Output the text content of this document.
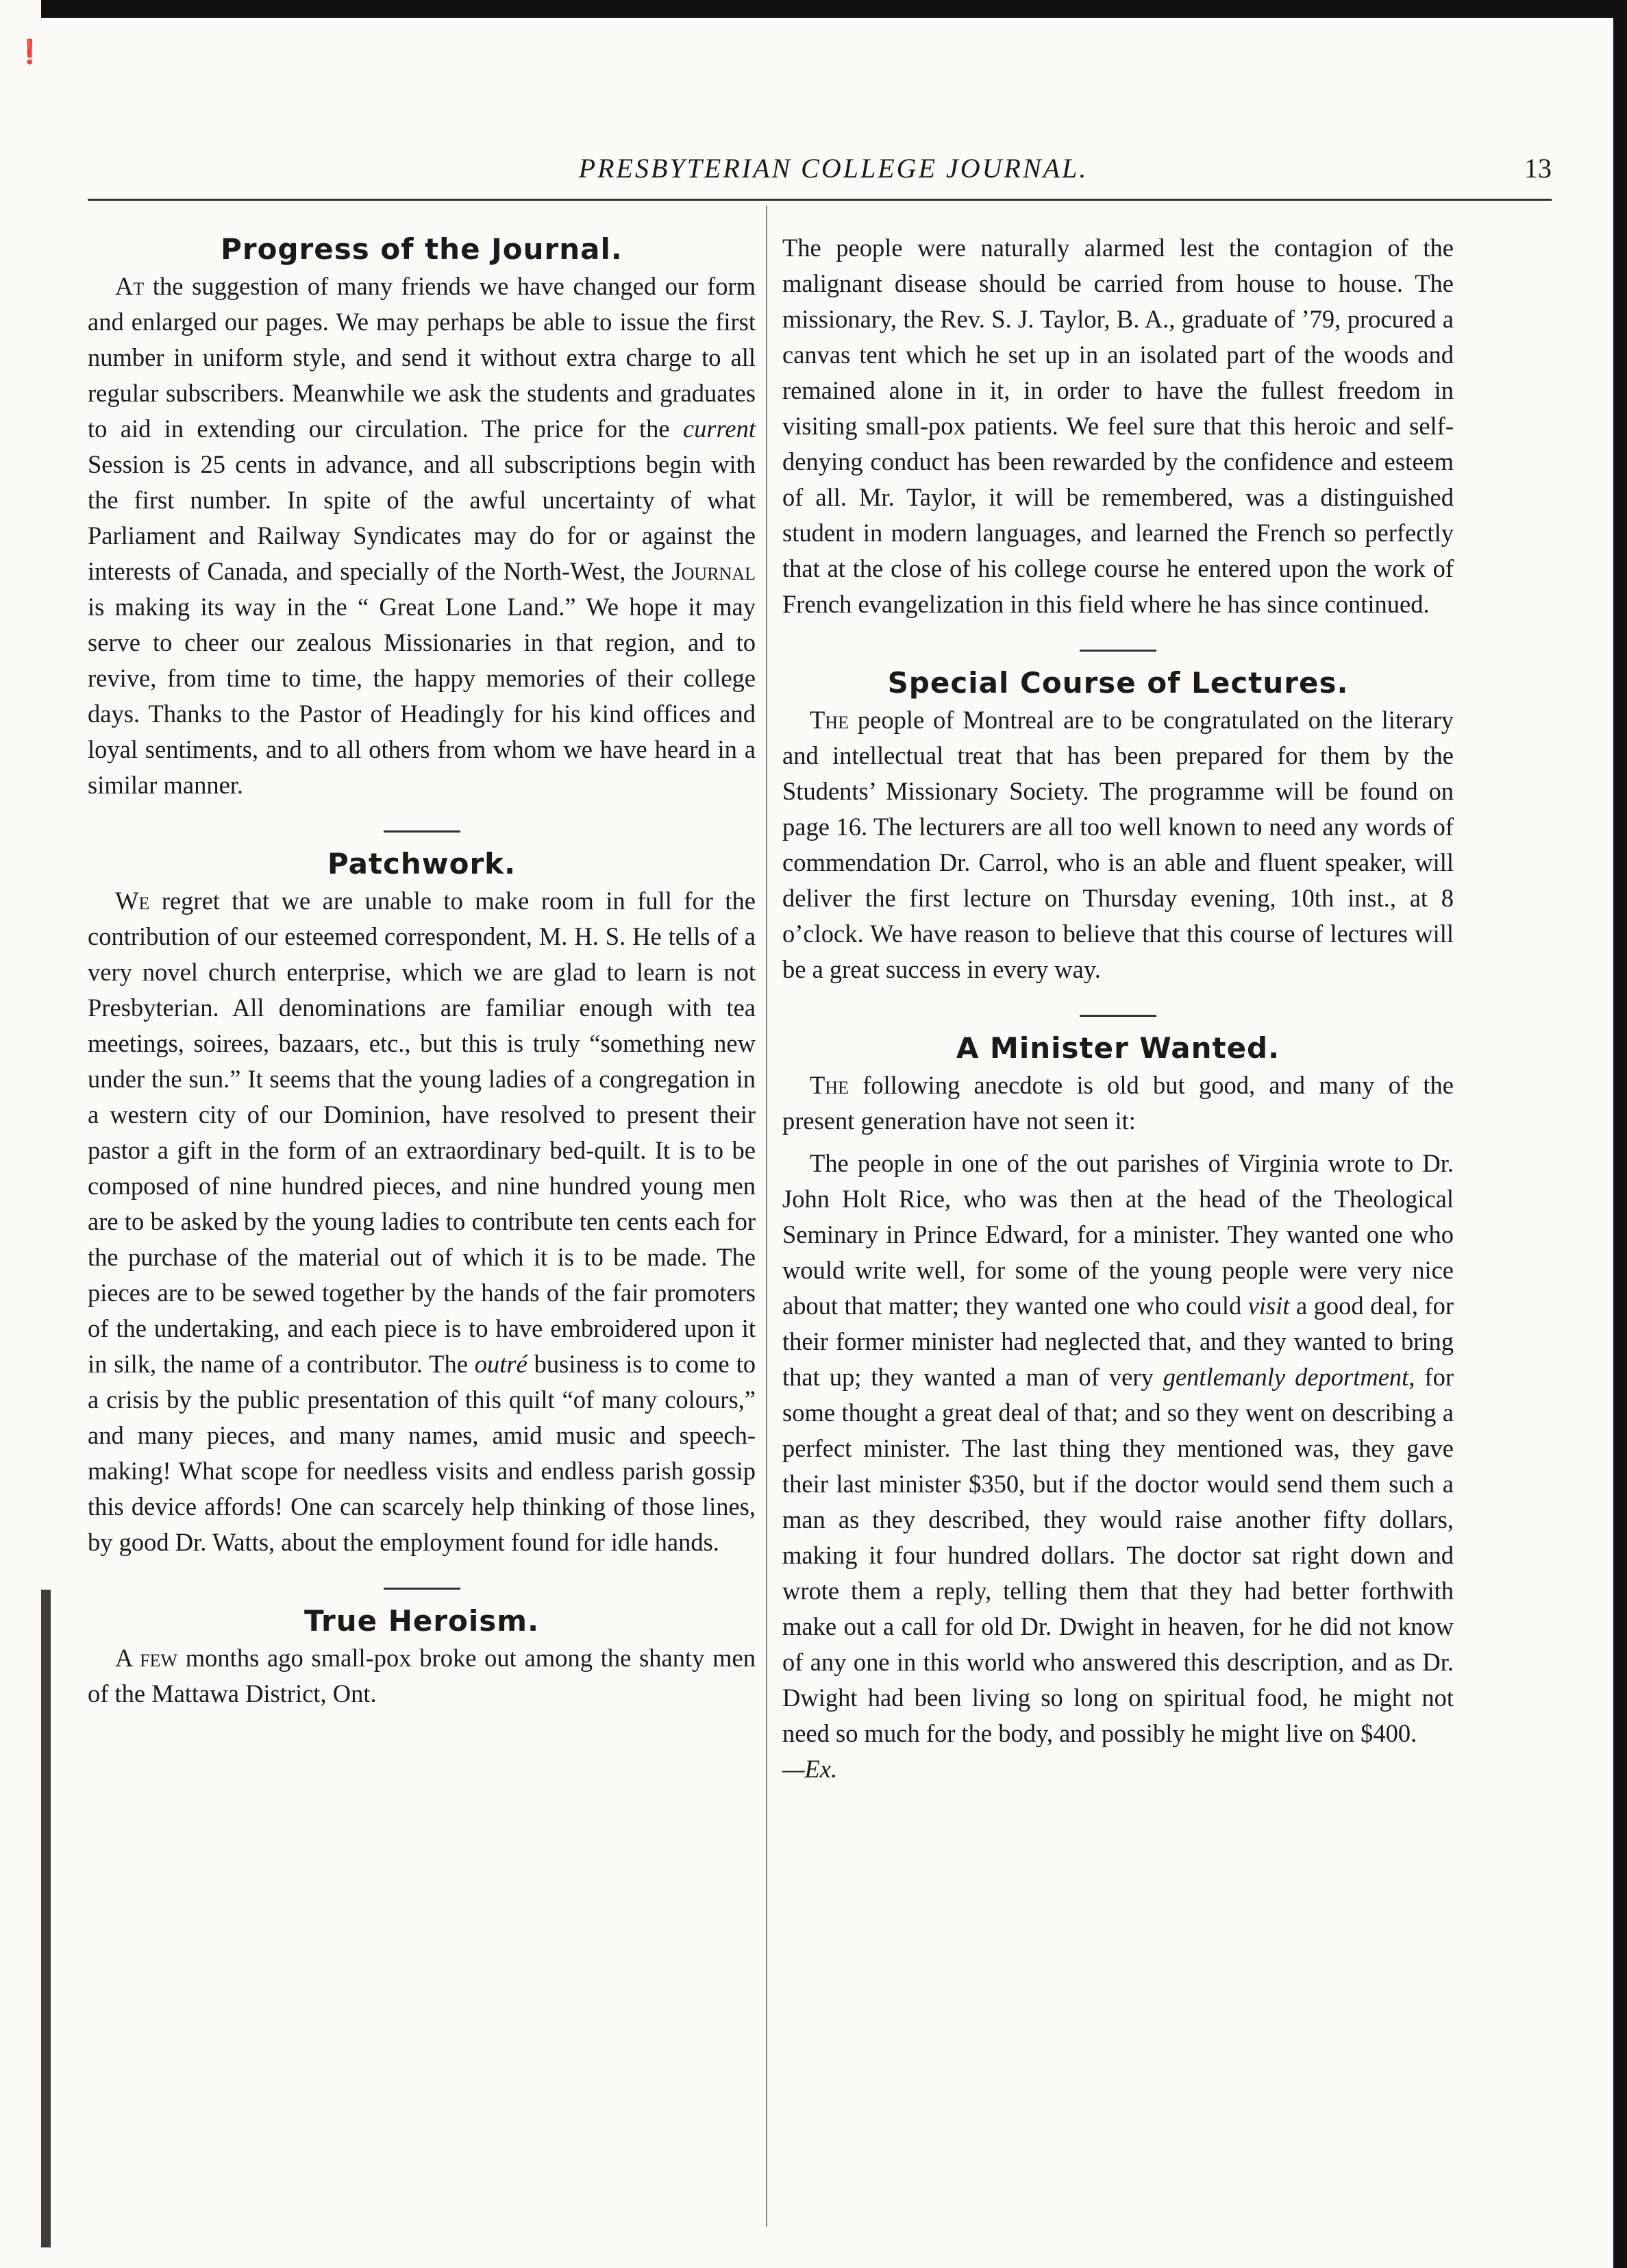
❗
PRESBYTERIAN COLLEGE JOURNAL.	13
Progress of the Journal.

At the suggestion of many friends we have changed our form and enlarged our pages. We may perhaps be able to issue the first number in uniform style, and send it without extra charge to all regular subscribers. Meanwhile we ask the students and graduates to aid in extending our circulation. The price for the current Session is 25 cents in advance, and all subscriptions begin with the first number. In spite of the awful uncertainty of what Parliament and Railway Syndicates may do for or against the interests of Canada, and specially of the North-West, the Journal is making its way in the “ Great Lone Land.” We hope it may serve to cheer our zealous Missionaries in that region, and to revive, from time to time, the happy memories of their college days. Thanks to the Pastor of Headingly for his kind offices and loyal sentiments, and to all others from whom we have heard in a similar manner.

Patchwork.

We regret that we are unable to make room in full for the contribution of our esteemed correspondent, M. H. S. He tells of a very novel church enterprise, which we are glad to learn is not Presbyterian. All denominations are familiar enough with tea meetings, soirees, bazaars, etc., but this is truly “something new under the sun.” It seems that the young ladies of a congregation in a western city of our Dominion, have resolved to present their pastor a gift in the form of an extraordinary bed-quilt. It is to be composed of nine hundred pieces, and nine hundred young men are to be asked by the young ladies to contribute ten cents each for the purchase of the material out of which it is to be made. The pieces are to be sewed together by the hands of the fair promoters of the undertaking, and each piece is to have embroidered upon it in silk, the name of a contributor. The outré business is to come to a crisis by the public presentation of this quilt “of many colours,” and many pieces, and many names, amid music and speech-making! What scope for needless visits and endless parish gossip this device affords! One can scarcely help thinking of those lines, by good Dr. Watts, about the employment found for idle hands.

True Heroism.

A few months ago small-pox broke out among the shanty men of the Mattawa District, Ont.

The people were naturally alarmed lest the contagion of the malignant disease should be carried from house to house. The missionary, the Rev. S. J. Taylor, B. A., graduate of ’79, procured a canvas tent which he set up in an isolated part of the woods and remained alone in it, in order to have the fullest freedom in visiting small-pox patients. We feel sure that this heroic and self-denying conduct has been rewarded by the confidence and esteem of all. Mr. Taylor, it will be remembered, was a distinguished student in modern languages, and learned the French so perfectly that at the close of his college course he entered upon the work of French evangelization in this field where he has since continued.

Special Course of Lectures.

The people of Montreal are to be congratulated on the literary and intellectual treat that has been prepared for them by the Students’ Missionary Society. The programme will be found on page 16. The lecturers are all too well known to need any words of commendation Dr. Carrol, who is an able and fluent speaker, will deliver the first lecture on Thursday evening, 10th inst., at 8 o’clock. We have reason to believe that this course of lectures will be a great success in every way.

A Minister Wanted.

The following anecdote is old but good, and many of the present generation have not seen it:

The people in one of the out parishes of Virginia wrote to Dr. John Holt Rice, who was then at the head of the Theological Seminary in Prince Edward, for a minister. They wanted one who would write well, for some of the young people were very nice about that matter; they wanted one who could visit a good deal, for their former minister had neglected that, and they wanted to bring that up; they wanted a man of very gentlemanly deportment, for some thought a great deal of that; and so they went on describing a perfect minister. The last thing they mentioned was, they gave their last minister $350, but if the doctor would send them such a man as they described, they would raise another fifty dollars, making it four hundred dollars. The doctor sat right down and wrote them a reply, telling them that they had better forthwith make out a call for old Dr. Dwight in heaven, for he did not know of any one in this world who answered this description, and as Dr. Dwight had been living so long on spiritual food, he might not need so much for the body, and possibly he might live on $400.

—Ex.
